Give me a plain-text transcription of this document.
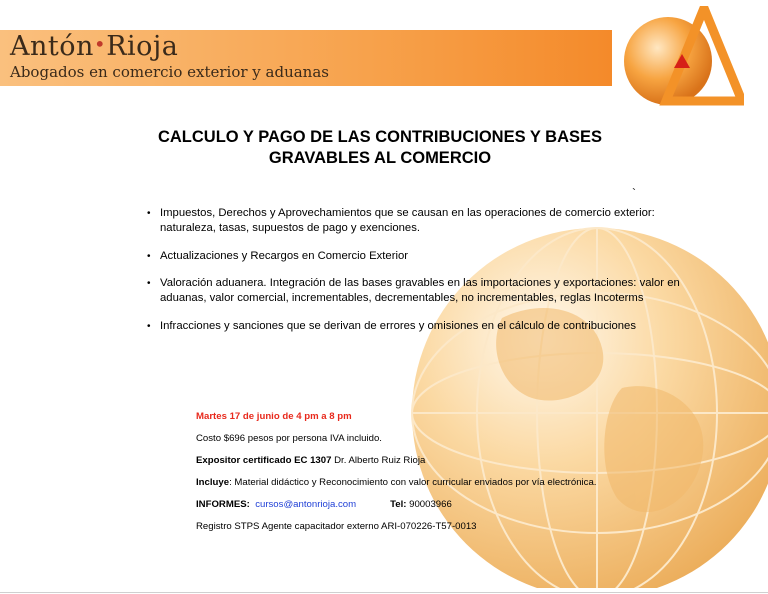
Antón•Rioja
Abogados en comercio exterior y aduanas
CALCULO Y PAGO DE LAS CONTRIBUCIONES Y BASES
GRAVABLES AL COMERCIO
`
• Impuestos, Derechos y Aprovechamientos que se causan en las operaciones de comercio exterior: naturaleza, tasas, supuestos de pago y exenciones.
• Actualizaciones y Recargos en Comercio Exterior
• Valoración aduanera. Integración de las bases gravables en las importaciones y exportaciones: valor en aduanas, valor comercial, incrementables, decrementables, no incrementables, reglas Incoterms
• Infracciones y sanciones que se derivan de errores y omisiones en el cálculo de contribuciones
Martes 17 de junio de 4 pm a 8 pm
Costo $696 pesos por persona IVA incluido.
Expositor certificado EC 1307 Dr. Alberto Ruiz Rioja
Incluye: Material didáctico y Reconocimiento con valor curricular enviados por vía electrónica.
INFORMES: cursos@antonrioja.com	Tel: 90003966
Registro STPS Agente capacitador externo ARI-070226-T57-0013
